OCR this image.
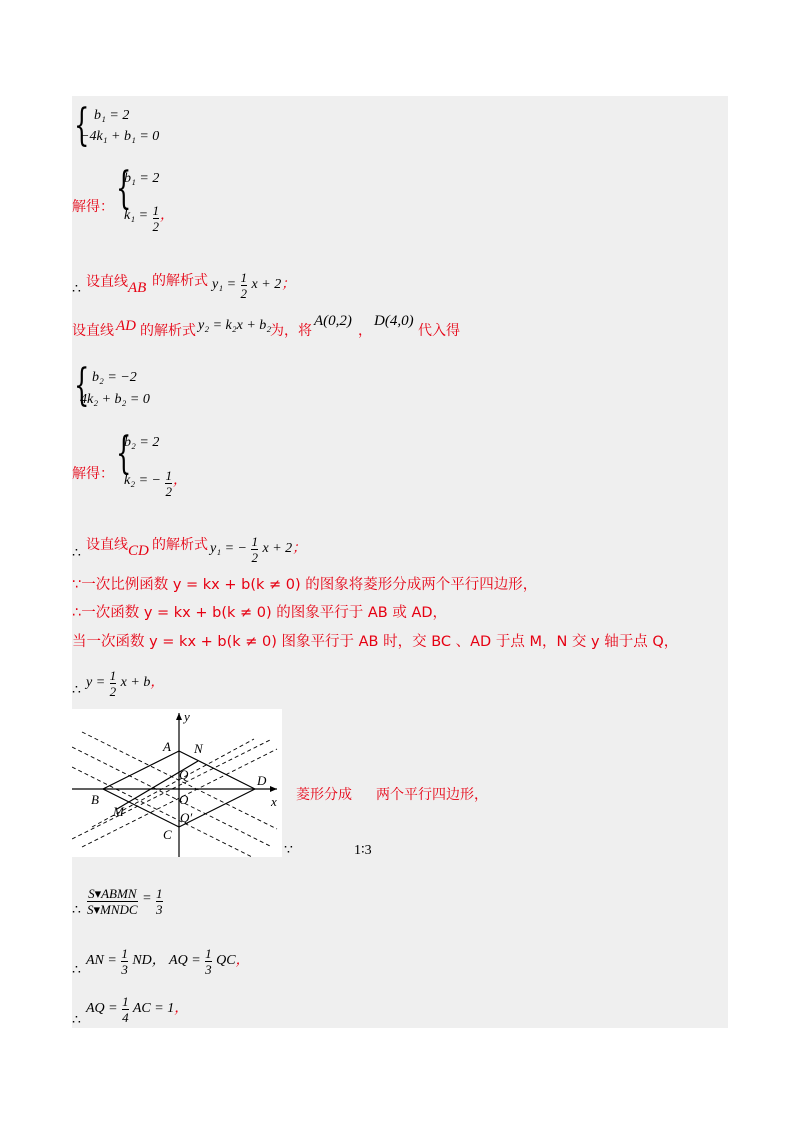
{ b₁ = 2
−4k₁ + b₁ = 0
解得： {
b₁ = 2
$k_1 = \frac{1}{2}$ ，
∴ 设直线 AB 的解析式 $y_1 = \frac{1}{2}$ x + 2；
设直线 AD 的解析式 y₂ = k₂x + b₂
为，将
A(0,2)
，
D(4,0)
代入得
{ b₂ = −2
4k₂ + b₂ = 0
解得： {
b₂ = 2
k₂ = − $\frac{1}{2}$ ，
∴
设直线 CD 的解析式 y₁ = − $\frac{1}{2}$ x + 2；
∵一次比例函数 y = kx + b(k ≠ 0) 的图象将菱形分成两个平行四边形，
∴一次函数 y = kx + b(k ≠ 0) 的图象平行于 AB 或 AD，
当一次函数 y = kx + b(k ≠ 0) 图象平行于 AB 时，交 BC 、AD 于点 M，N 交 y 轴于点 Q，
∴
$y = \frac{1}{2}$ x + b，
y
x
A N
Q
O
D
B
M	Q′
C
菱形分成 两个平行四边形，
∵	1∶3
∴ $\frac{\text{S▾ABMN}}{\text{S▾MNDC}} = \frac{1}{3}$
∴
AN = $\frac{1}{3}$ ND， AQ = $\frac{1}{3}$ QC，
∴
AQ = $\frac{1}{4}$ AC = 1，
